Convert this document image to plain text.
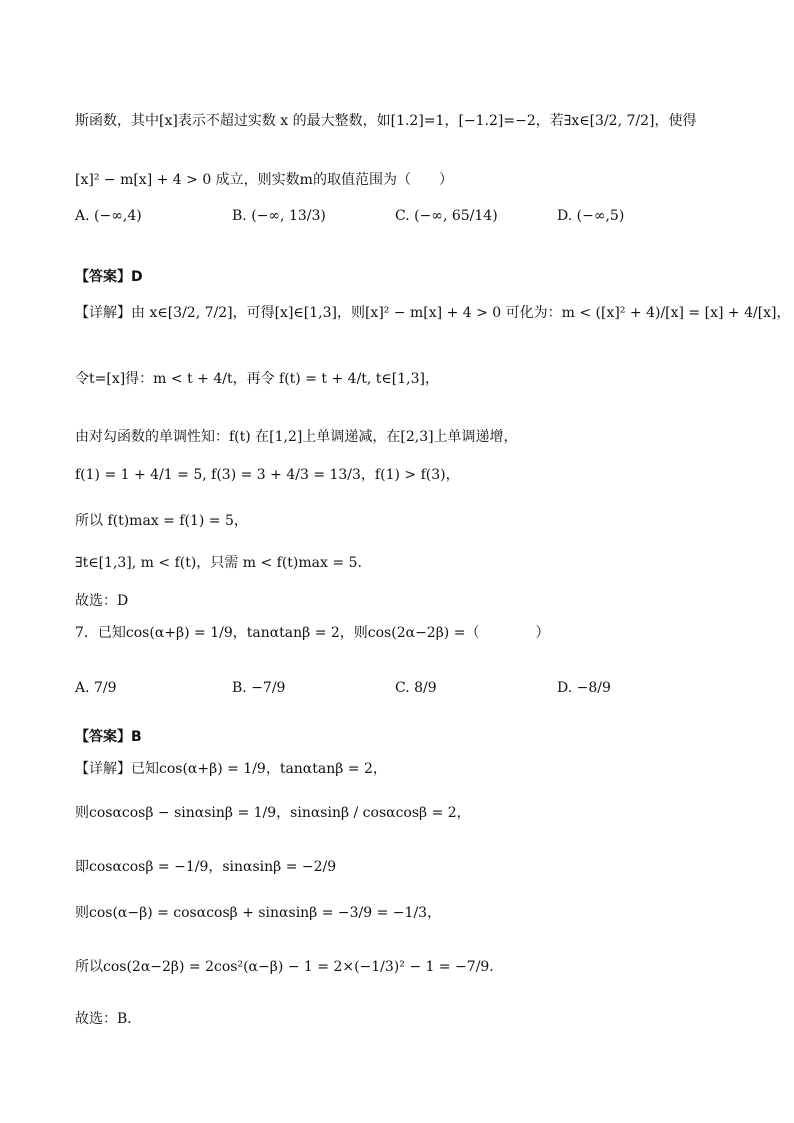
斯函数，其中[x]表示不超过实数 x 的最大整数，如[1.2]=1，[−1.2]=−2，若∃x∈[3/2, 7/2]，使得
[x]² − m[x] + 4 > 0 成立，则实数m的取值范围为（　　）
A. (−∞,4)	B. (−∞, 13/3)	C. (−∞, 65/14)	D. (−∞,5)
【答案】D
【详解】由 x∈[3/2, 7/2]，可得[x]∈[1,3]，则[x]² − m[x] + 4 > 0 可化为：m < ([x]² + 4)/[x] = [x] + 4/[x]，
令t=[x]得：m < t + 4/t，再令 f(t) = t + 4/t, t∈[1,3]，
由对勾函数的单调性知：f(t) 在[1,2]上单调递减，在[2,3]上单调递增，
f(1) = 1 + 4/1 = 5, f(3) = 3 + 4/3 = 13/3，f(1) > f(3)，
所以 f(t)max = f(1) = 5，
∃t∈[1,3], m < f(t)，只需 m < f(t)max = 5.
故选：D
7．已知cos(α+β) = 1/9，tanαtanβ = 2，则cos(2α−2β) =（　　　　）
A. 7/9	B. −7/9	C. 8/9	D. −8/9
【答案】B
【详解】已知cos(α+β) = 1/9，tanαtanβ = 2，
则cosαcosβ − sinαsinβ = 1/9，sinαsinβ / cosαcosβ = 2，
即cosαcosβ = −1/9，sinαsinβ = −2/9
则cos(α−β) = cosαcosβ + sinαsinβ = −3/9 = −1/3，
所以cos(2α−2β) = 2cos²(α−β) − 1 = 2×(−1/3)² − 1 = −7/9．
故选：B．
